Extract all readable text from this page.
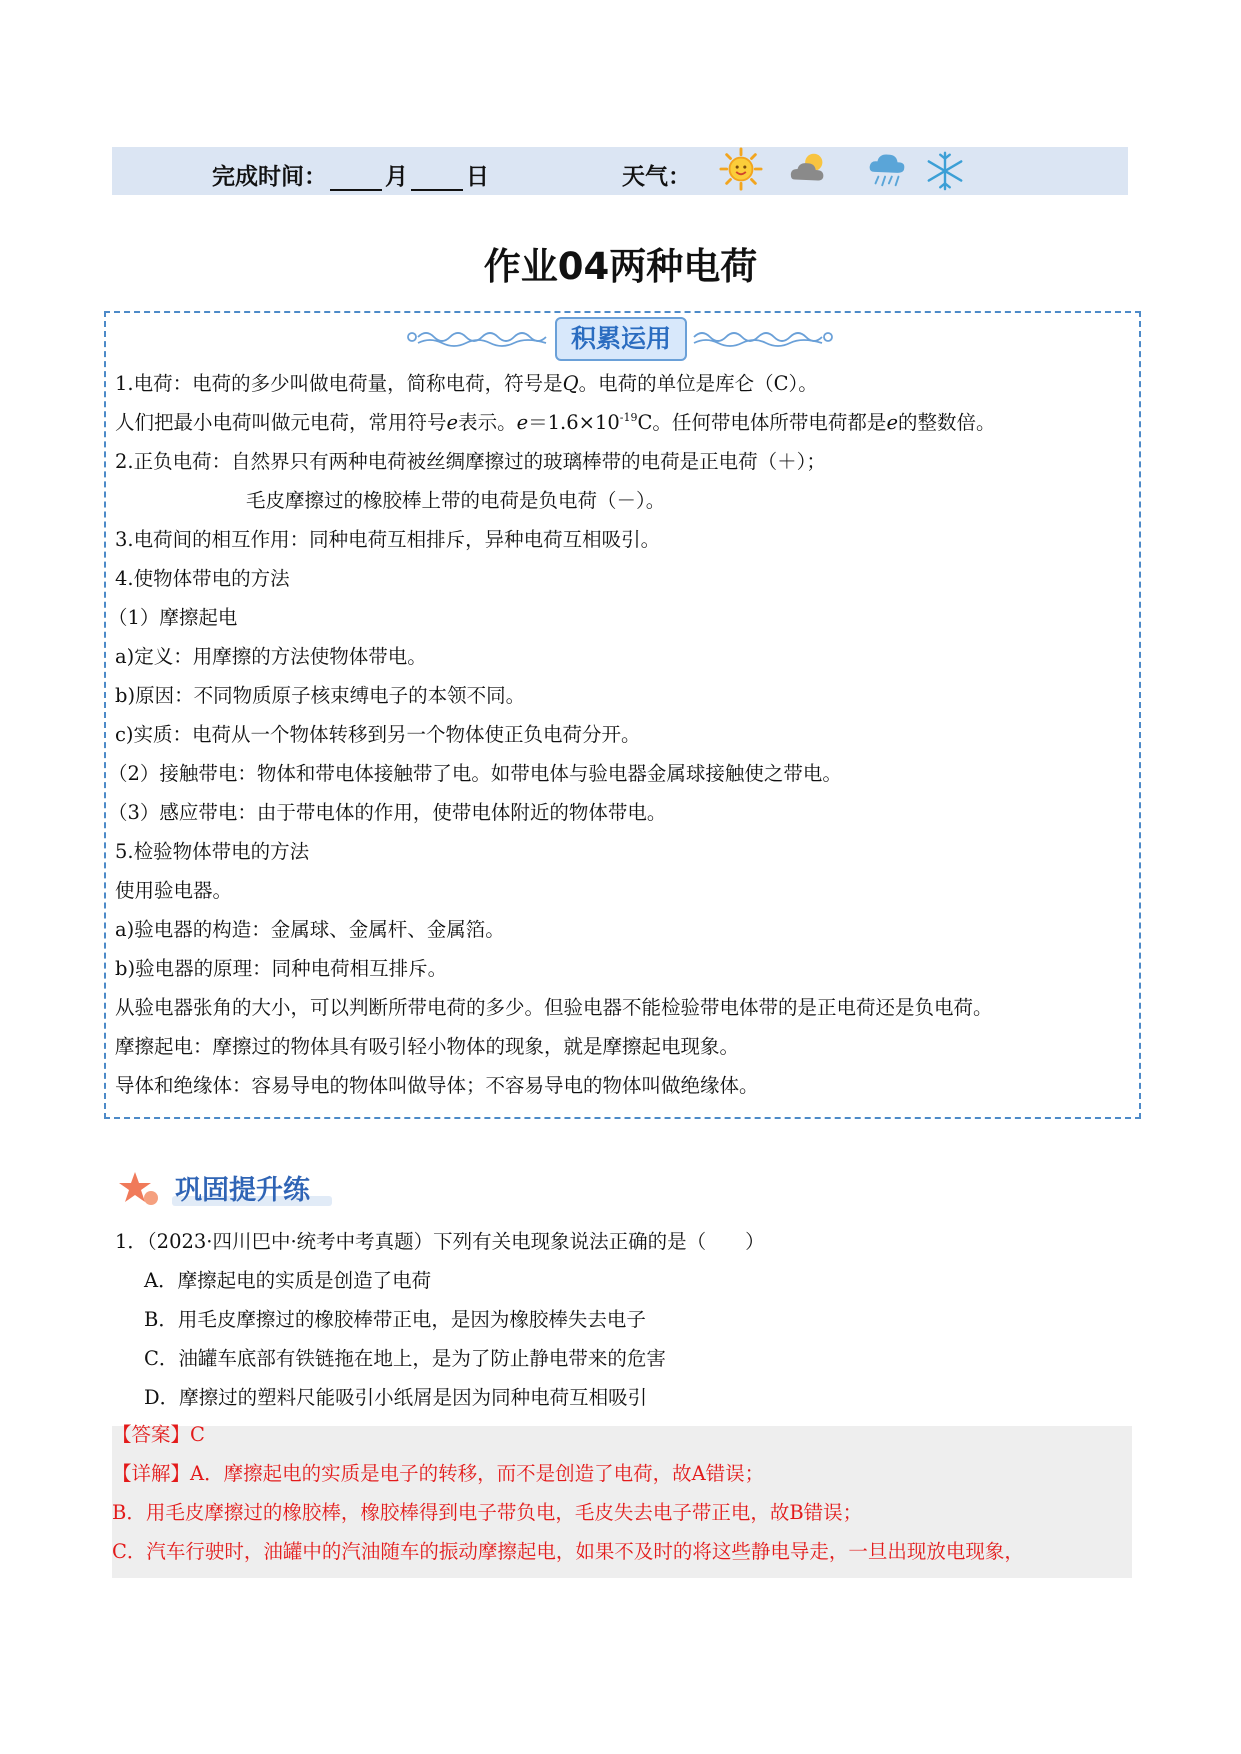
完成时间：	月	日	天气：
作业04两种电荷
积累运用
1.电荷：电荷的多少叫做电荷量，简称电荷，符号是Q。电荷的单位是库仑（C）。
人们把最小电荷叫做元电荷，常用符号e表示。$e=1.6\times 10^{-19}C$。任何带电体所带电荷都是e的整数倍。
2.正负电荷：自然界只有两种电荷被丝绸摩擦过的玻璃棒带的电荷是正电荷（＋）；
毛皮摩擦过的橡胶棒上带的电荷是负电荷（－）。
3.电荷间的相互作用：同种电荷互相排斥，异种电荷互相吸引。
4.使物体带电的方法
（1）摩擦起电
a)定义：用摩擦的方法使物体带电。
b)原因：不同物质原子核束缚电子的本领不同。
c)实质：电荷从一个物体转移到另一个物体使正负电荷分开。
（2）接触带电：物体和带电体接触带了电。如带电体与验电器金属球接触使之带电。
（3）感应带电：由于带电体的作用，使带电体附近的物体带电。
5.检验物体带电的方法
使用验电器。
a)验电器的构造：金属球、金属杆、金属箔。
b)验电器的原理：同种电荷相互排斥。
从验电器张角的大小，可以判断所带电荷的多少。但验电器不能检验带电体带的是正电荷还是负电荷。
摩擦起电：摩擦过的物体具有吸引轻小物体的现象，就是摩擦起电现象。
导体和绝缘体：容易导电的物体叫做导体；不容易导电的物体叫做绝缘体。
巩固提升练
1．（2023·四川巴中·统考中考真题）下列有关电现象说法正确的是（　　）
A．摩擦起电的实质是创造了电荷
B．用毛皮摩擦过的橡胶棒带正电，是因为橡胶棒失去电子
C．油罐车底部有铁链拖在地上，是为了防止静电带来的危害
D．摩擦过的塑料尺能吸引小纸屑是因为同种电荷互相吸引
【答案】C
【详解】A．摩擦起电的实质是电子的转移，而不是创造了电荷，故A错误；
B．用毛皮摩擦过的橡胶棒，橡胶棒得到电子带负电，毛皮失去电子带正电，故B错误；
C．汽车行驶时，油罐中的汽油随车的振动摩擦起电，如果不及时的将这些静电导走，一旦出现放电现象，
